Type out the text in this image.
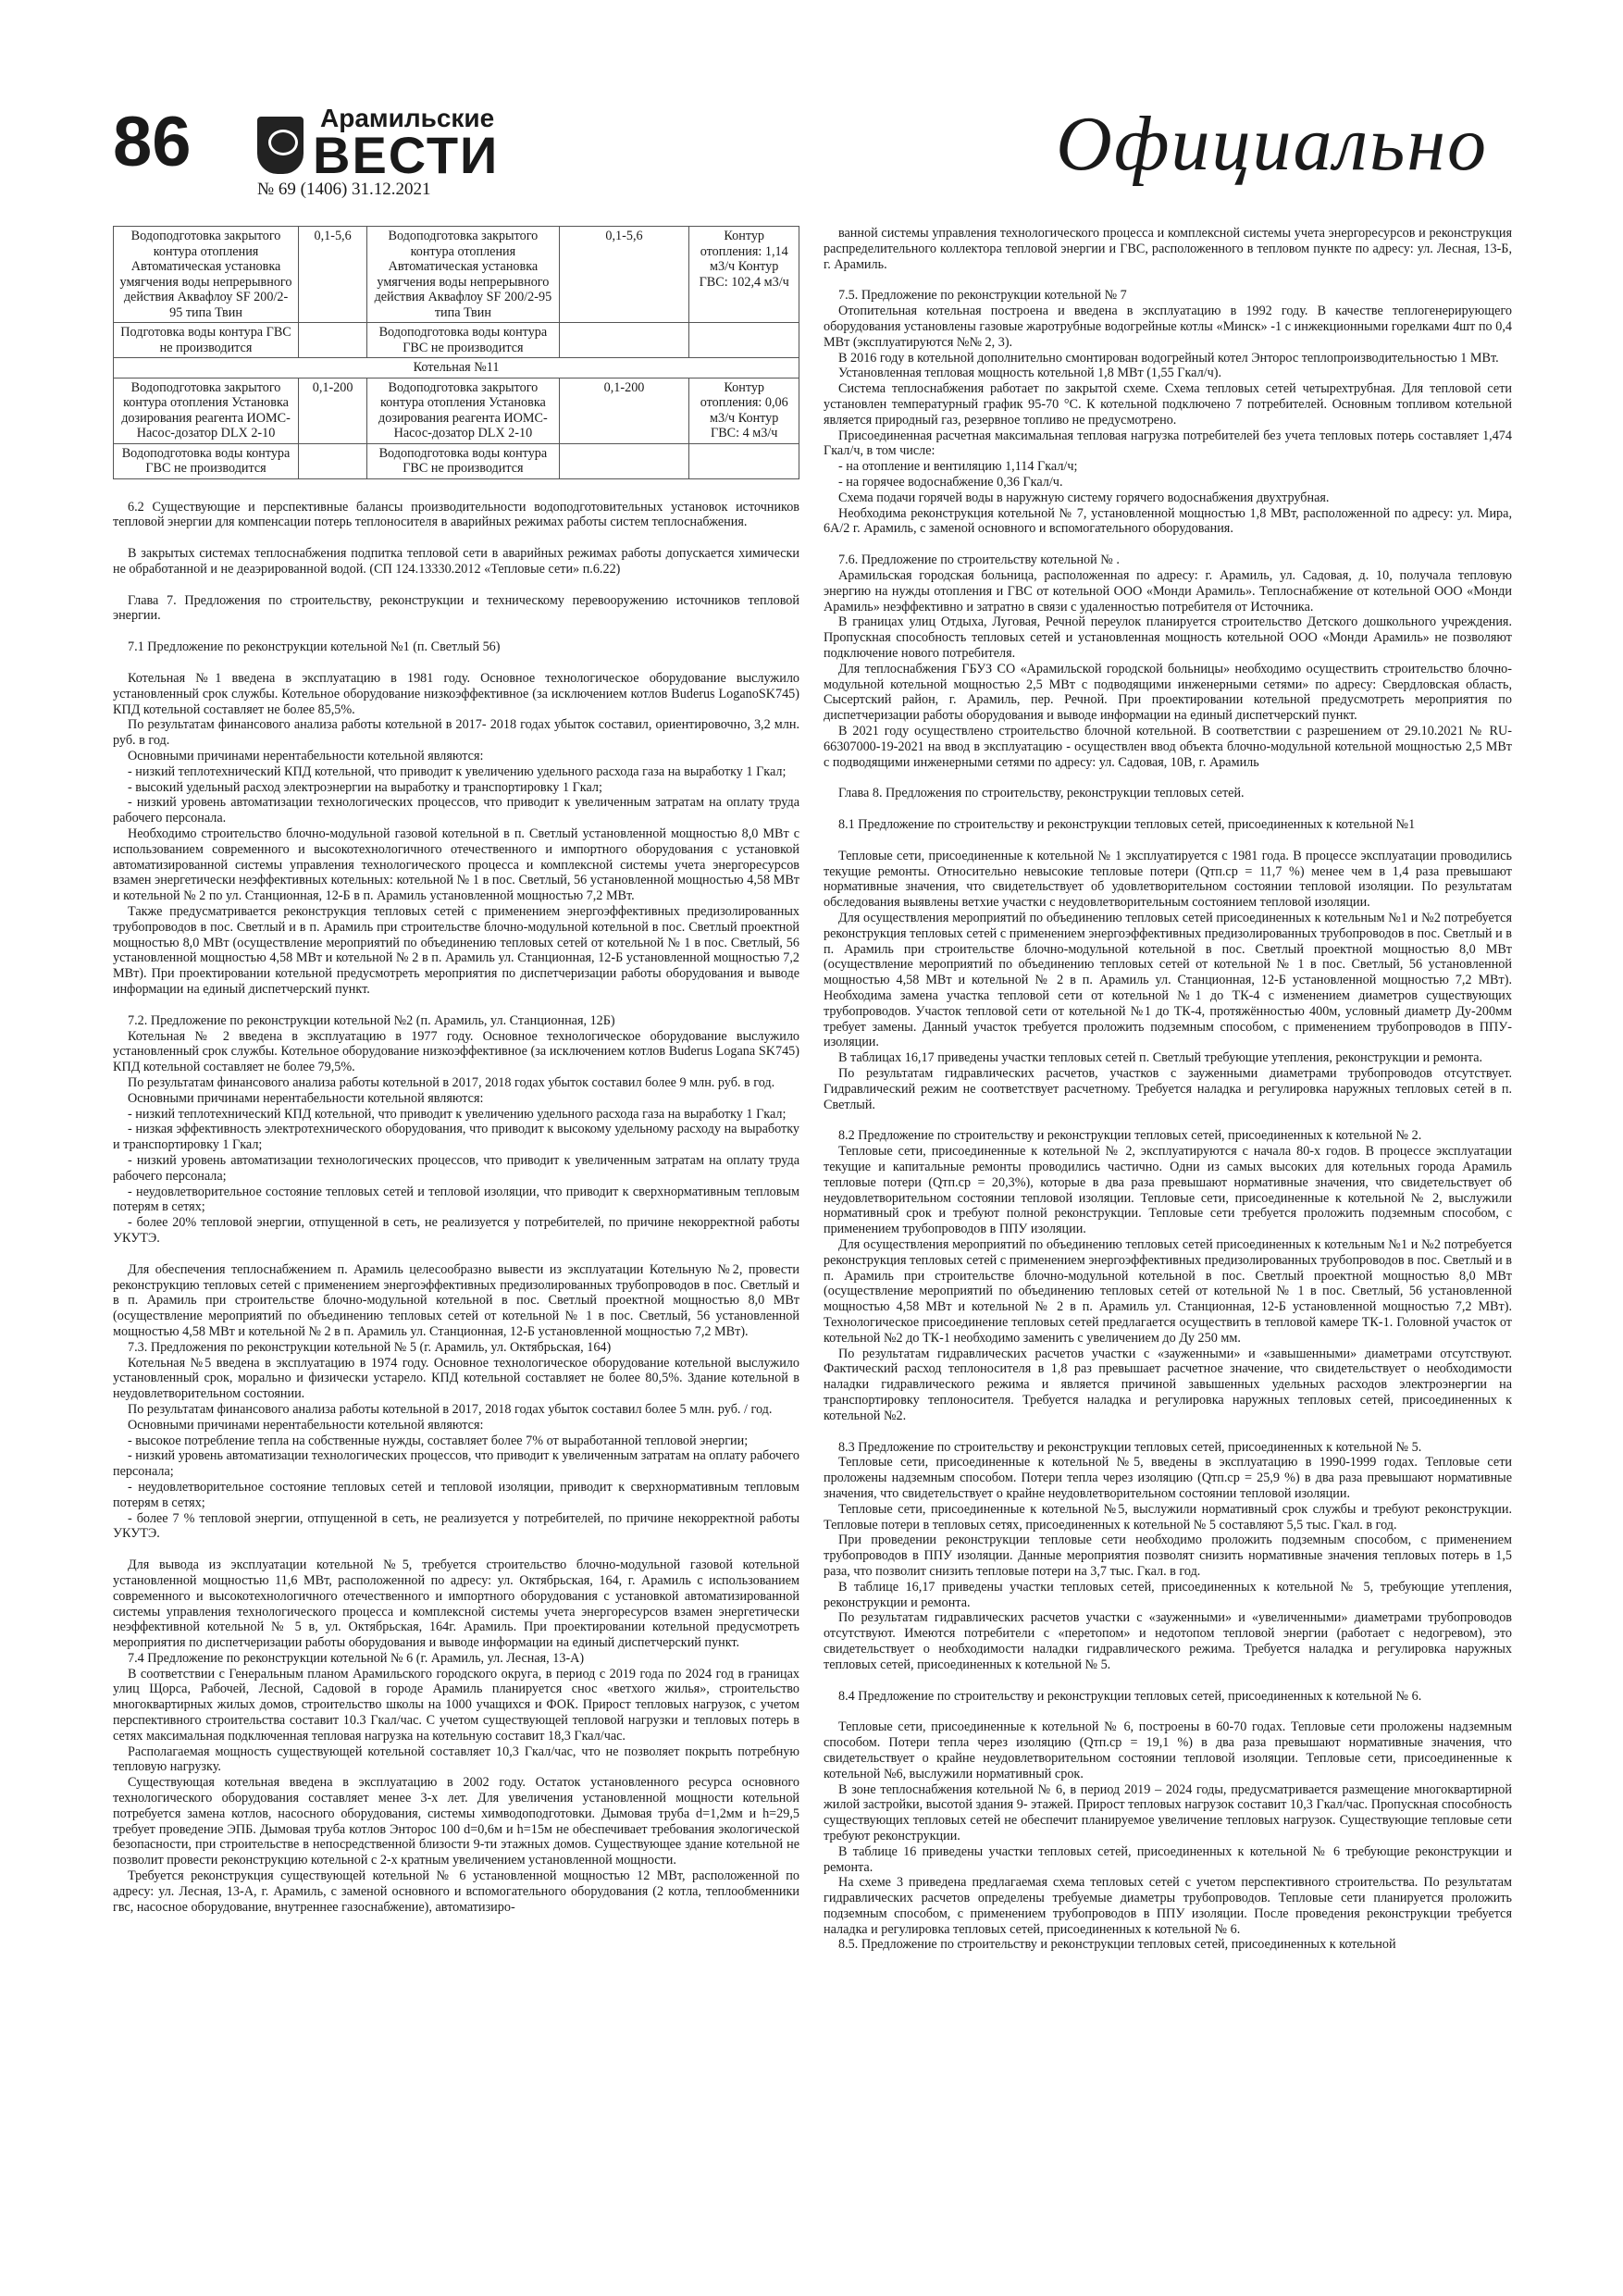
86	Арамильские
ВЕСТИ
№ 69 (1406) 31.12.2021
Официально
Водоподготовка закрытого контура отопления Автоматическая установка умягчения воды непрерывного действия Аквафлоу SF 200/2-95 типа Твин	0,1-5,6	Водоподготовка закрытого контура отопления Автоматическая установка умягчения воды непрерывного действия Аквафлоу SF 200/2-95 типа Твин	0,1-5,6	Контур отопления: 1,14 м3/ч Контур ГВС: 102,4 м3/ч
Подготовка воды контура ГВС не производится		Водоподготовка воды контура ГВС не производится		
Котельная №11				
Водоподготовка закрытого контура отопления Установка дозирования реагента ИОМС-Насос-дозатор DLX 2-10	0,1-200	Водоподготовка закрытого контура отопления Установка дозирования реагента ИОМС-Насос-дозатор DLX 2-10	0,1-200	Контур отопления: 0,06 м3/ч Контур ГВС: 4 м3/ч
Водоподготовка воды контура ГВС не производится		Водоподготовка воды контура ГВС не производится		

6.2 Существующие и перспективные балансы производительности водоподготовительных установок источников тепловой энергии для компенсации потерь теплоносителя в аварийных режимах работы систем теплоснабжения.

В закрытых системах теплоснабжения подпитка тепловой сети в аварийных режимах работы допускается химически не обработанной и не деаэрированной водой. (СП 124.13330.2012 «Тепловые сети» п.6.22)

Глава 7. Предложения по строительству, реконструкции и техническому перевооружению источников тепловой энергии.

7.1 Предложение по реконструкции котельной №1 (п. Светлый 56)

Котельная №1 введена в эксплуатацию в 1981 году. Основное технологическое оборудование выслужило установленный срок службы. Котельное оборудование низкоэффективное (за исключением котлов Buderus LoganoSK745) КПД котельной составляет не более 85,5%.

По результатам финансового анализа работы котельной в 2017- 2018 годах убыток составил, ориентировочно, 3,2 млн. руб. в год.

Основными причинами нерентабельности котельной являются:

- низкий теплотехнический КПД котельной, что приводит к увеличению удельного расхода газа на выработку 1 Гкал;

- высокий удельный расход электроэнергии на выработку и транспортировку 1 Гкал;

- низкий уровень автоматизации технологических процессов, что приводит к увеличенным затратам на оплату труда рабочего персонала.

Необходимо строительство блочно-модульной газовой котельной в п. Светлый установленной мощностью 8,0 МВт с использованием современного и высокотехнологичного отечественного и импортного оборудования с установкой автоматизированной системы управления технологического процесса и комплексной системы учета энергоресурсов взамен энергетически неэффективных котельных: котельной № 1 в пос. Светлый, 56 установленной мощностью 4,58 МВт и котельной № 2 по ул. Станционная, 12-Б в п. Арамиль установленной мощностью 7,2 МВт.

Также предусматривается реконструкция тепловых сетей с применением энергоэффективных предизолированных трубопроводов в пос. Светлый и в п. Арамиль при строительстве блочно-модульной котельной в пос. Светлый проектной мощностью 8,0 МВт (осуществление мероприятий по объединению тепловых сетей от котельной № 1 в пос. Светлый, 56 установленной мощностью 4,58 МВт и котельной № 2 в п. Арамиль ул. Станционная, 12-Б установленной мощностью 7,2 МВт). При проектировании котельной предусмотреть мероприятия по диспетчеризации работы оборудования и выводе информации на единый диспетчерский пункт.

7.2. Предложение по реконструкции котельной №2 (п. Арамиль, ул. Станционная, 12Б)

Котельная № 2 введена в эксплуатацию в 1977 году. Основное технологическое оборудование выслужило установленный срок службы. Котельное оборудование низкоэффективное (за исключением котлов Buderus Logana SK745) КПД котельной составляет не более 79,5%.

По результатам финансового анализа работы котельной в 2017, 2018 годах убыток составил более 9 млн. руб. в год.

Основными причинами нерентабельности котельной являются:

- низкий теплотехнический КПД котельной, что приводит к увеличению удельного расхода газа на выработку 1 Гкал;

- низкая эффективность электротехнического оборудования, что приводит к высокому удельному расходу на выработку и транспортировку 1 Гкал;

- низкий уровень автоматизации технологических процессов, что приводит к увеличенным затратам на оплату труда рабочего персонала;

- неудовлетворительное состояние тепловых сетей и тепловой изоляции, что приводит к сверхнормативным тепловым потерям в сетях;

- более 20% тепловой энергии, отпущенной в сеть, не реализуется у потребителей, по причине некорректной работы УКУТЭ.

Для обеспечения теплоснабжением п. Арамиль целесообразно вывести из эксплуатации Котельную №2, провести реконструкцию тепловых сетей с применением энергоэффективных предизолированных трубопроводов в пос. Светлый и в п. Арамиль при строительстве блочно-модульной котельной в пос. Светлый проектной мощностью 8,0 МВт (осуществление мероприятий по объединению тепловых сетей от котельной № 1 в пос. Светлый, 56 установленной мощностью 4,58 МВт и котельной № 2 в п. Арамиль ул. Станционная, 12-Б установленной мощностью 7,2 МВт).

7.3. Предложения по реконструкции котельной № 5 (г. Арамиль, ул. Октябрьская, 164)

Котельная №5 введена в эксплуатацию в 1974 году. Основное технологическое оборудование котельной выслужило установленный срок, морально и физически устарело. КПД котельной составляет не более 80,5%. Здание котельной в неудовлетворительном состоянии.

По результатам финансового анализа работы котельной в 2017, 2018 годах убыток составил более 5 млн. руб. / год.

Основными причинами нерентабельности котельной являются:

- высокое потребление тепла на собственные нужды, составляет более 7% от выработанной тепловой энергии;

- низкий уровень автоматизации технологических процессов, что приводит к увеличенным затратам на оплату рабочего персонала;

- неудовлетворительное состояние тепловых сетей и тепловой изоляции, приводит к сверхнормативным тепловым потерям в сетях;

- более 7 % тепловой энергии, отпущенной в сеть, не реализуется у потребителей, по причине некорректной работы УКУТЭ.

Для вывода из эксплуатации котельной №5, требуется строительство блочно-модульной газовой котельной установленной мощностью 11,6 МВт, расположенной по адресу: ул. Октябрьская, 164, г. Арамиль с использованием современного и высокотехнологичного отечественного и импортного оборудования с установкой автоматизированной системы управления технологического процесса и комплексной системы учета энергоресурсов взамен энергетически неэффективной котельной № 5 в, ул. Октябрьская, 164г. Арамиль. При проектировании котельной предусмотреть мероприятия по диспетчеризации работы оборудования и выводе информации на единый диспетчерский пункт.

7.4 Предложение по реконструкции котельной № 6 (г. Арамиль, ул. Лесная, 13-А)

В соответствии с Генеральным планом Арамильского городского округа, в период с 2019 года по 2024 год в границах улиц Щорса, Рабочей, Лесной, Садовой в городе Арамиль планируется снос «ветхого жилья», строительство многоквартирных жилых домов, строительство школы на 1000 учащихся и ФОК. Прирост тепловых нагрузок, с учетом перспективного строительства составит 10.3 Гкал/час. С учетом существующей тепловой нагрузки и тепловых потерь в сетях максимальная подключенная тепловая нагрузка на котельную составит 18,3 Гкал/час.

Располагаемая мощность существующей котельной составляет 10,3 Гкал/час, что не позволяет покрыть потребную тепловую нагрузку.

Существующая котельная введена в эксплуатацию в 2002 году. Остаток установленного ресурса основного технологического оборудования составляет менее 3-х лет. Для увеличения установленной мощности котельной потребуется замена котлов, насосного оборудования, системы химводоподготовки. Дымовая труба d=1,2мм и h=29,5 требует проведение ЭПБ. Дымовая труба котлов Энтороc 100 d=0,6м и h=15м не обеспечивает требования экологической безопасности, при строительстве в непосредственной близости 9-ти этажных домов. Существующее здание котельной не позволит провести реконструкцию котельной с 2-х кратным увеличением установленной мощности.

Требуется реконструкция существующей котельной № 6 установленной мощностью 12 МВт, расположенной по адресу: ул. Лесная, 13-А, г. Арамиль, с заменой основного и вспомогательного оборудования (2 котла, теплообменники гвс, насосное оборудование, внутреннее газоснабжение), автоматизиро-

ванной системы управления технологического процесса и комплексной системы учета энергоресурсов и реконструкция распределительного коллектора тепловой энергии и ГВС, расположенного в тепловом пункте по адресу: ул. Лесная, 13-Б, г. Арамиль.

7.5. Предложение по реконструкции котельной № 7

Отопительная котельная построена и введена в эксплуатацию в 1992 году. В качестве теплогенерирующего оборудования установлены газовые жаротрубные водогрейные котлы «Минск» -1 с инжекционными горелками 4шт по 0,4 МВт (эксплуатируются №№ 2, 3).

В 2016 году в котельной дополнительно смонтирован водогрейный котел Энторос теплопроизводительностью 1 МВт.

Установленная тепловая мощность котельной 1,8 МВт (1,55 Гкал/ч).

Система теплоснабжения работает по закрытой схеме. Схема тепловых сетей четырехтрубная. Для тепловой сети установлен температурный график 95-70 °С. К котельной подключено 7 потребителей. Основным топливом котельной является природный газ, резервное топливо не предусмотрено.

Присоединенная расчетная максимальная тепловая нагрузка потребителей без учета тепловых потерь составляет 1,474 Гкал/ч, в том числе:

- на отопление и вентиляцию 1,114 Гкал/ч;

- на горячее водоснабжение 0,36 Гкал/ч.

Схема подачи горячей воды в наружную систему горячего водоснабжения двухтрубная.

Необходима реконструкция котельной № 7, установленной мощностью 1,8 МВт, расположенной по адресу: ул. Мира, 6А/2 г. Арамиль, с заменой основного и вспомогательного оборудования.

7.6. Предложение по строительству котельной № .

Арамильская городская больница, расположенная по адресу: г. Арамиль, ул. Садовая, д. 10, получала тепловую энергию на нужды отопления и ГВС от котельной ООО «Монди Арамиль». Теплоснабжение от котельной ООО «Монди Арамиль» неэффективно и затратно в связи с удаленностью потребителя от Источника.

В границах улиц Отдыха, Луговая, Речной переулок планируется строительство Детского дошкольного учреждения. Пропускная способность тепловых сетей и установленная мощность котельной ООО «Монди Арамиль» не позволяют подключение нового потребителя.

Для теплоснабжения ГБУЗ СО «Арамильской городской больницы» необходимо осуществить строительство блочно-модульной котельной мощностью 2,5 МВт с подводящими инженерными сетями» по адресу: Свердловская область, Сысертский район, г. Арамиль, пер. Речной. При проектировании котельной предусмотреть мероприятия по диспетчеризации работы оборудования и выводе информации на единый диспетчерский пункт.

В 2021 году осуществлено строительство блочной котельной. В соответствии с разрешением от 29.10.2021 № RU-66307000-19-2021 на ввод в эксплуатацию - осуществлен ввод объекта блочно-модульной котельной мощностью 2,5 МВт с подводящими инженерными сетями по адресу: ул. Садовая, 10В, г. Арамиль

Глава 8. Предложения по строительству, реконструкции тепловых сетей.

8.1 Предложение по строительству и реконструкции тепловых сетей, присоединенных к котельной №1

Тепловые сети, присоединенные к котельной № 1 эксплуатируется с 1981 года. В процессе эксплуатации проводились текущие ремонты. Относительно невысокие тепловые потери (Qтп.ср = 11,7 %) менее чем в 1,4 раза превышают нормативные значения, что свидетельствует об удовлетворительном состоянии тепловой изоляции. По результатам обследования выявлены ветхие участки с неудовлетворительным состоянием тепловой изоляции.

Для осуществления мероприятий по объединению тепловых сетей присоединенных к котельным №1 и №2 потребуется реконструкция тепловых сетей с применением энергоэффективных предизолированных трубопроводов в пос. Светлый и в п. Арамиль при строительстве блочно-модульной котельной в пос. Светлый проектной мощностью 8,0 МВт (осуществление мероприятий по объединению тепловых сетей от котельной № 1 в пос. Светлый, 56 установленной мощностью 4,58 МВт и котельной № 2 в п. Арамиль ул. Станционная, 12-Б установленной мощностью 7,2 МВт). Необходима замена участка тепловой сети от котельной №1 до ТК-4 с изменением диаметров существующих трубопроводов. Участок тепловой сети от котельной №1 до ТК-4, протяжённостью 400м, условный диаметр Ду-200мм требует замены. Данный участок требуется проложить подземным способом, с применением трубопроводов в ППУ-изоляции.

В таблицах 16,17 приведены участки тепловых сетей п. Светлый требующие утепления, реконструкции и ремонта.

По результатам гидравлических расчетов, участков с зауженными диаметрами трубопроводов отсутствует. Гидравлический режим не соответствует расчетному. Требуется наладка и регулировка наружных тепловых сетей в п. Светлый.

8.2 Предложение по строительству и реконструкции тепловых сетей, присоединенных к котельной № 2.

Тепловые сети, присоединенные к котельной № 2, эксплуатируются с начала 80-х годов. В процессе эксплуатации текущие и капитальные ремонты проводились частично. Одни из самых высоких для котельных города Арамиль тепловые потери (Qтп.ср = 20,3%), которые в два раза превышают нормативные значения, что свидетельствует об неудовлетворительном состоянии тепловой изоляции. Тепловые сети, присоединенные к котельной № 2, выслужили нормативный срок и требуют полной реконструкции. Тепловые сети требуется проложить подземным способом, с применением трубопроводов в ППУ изоляции.

Для осуществления мероприятий по объединению тепловых сетей присоединенных к котельным №1 и №2 потребуется реконструкция тепловых сетей с применением энергоэффективных предизолированных трубопроводов в пос. Светлый и в п. Арамиль при строительстве блочно-модульной котельной в пос. Светлый проектной мощностью 8,0 МВт (осуществление мероприятий по объединению тепловых сетей от котельной № 1 в пос. Светлый, 56 установленной мощностью 4,58 МВт и котельной № 2 в п. Арамиль ул. Станционная, 12-Б установленной мощностью 7,2 МВт). Технологическое присоединение тепловых сетей предлагается осуществить в тепловой камере ТК-1. Головной участок от котельной №2 до ТК-1 необходимо заменить с увеличением до Ду 250 мм.

По результатам гидравлических расчетов участки с «зауженными» и «завышенными» диаметрами отсутствуют. Фактический расход теплоносителя в 1,8 раз превышает расчетное значение, что свидетельствует о необходимости наладки гидравлического режима и является причиной завышенных удельных расходов электроэнергии на транспортировку теплоносителя. Требуется наладка и регулировка наружных тепловых сетей, присоединенных к котельной №2.

8.3 Предложение по строительству и реконструкции тепловых сетей, присоединенных к котельной № 5.

Тепловые сети, присоединенные к котельной №5, введены в эксплуатацию в 1990-1999 годах. Тепловые сети проложены надземным способом. Потери тепла через изоляцию (Qтп.ср = 25,9 %) в два раза превышают нормативные значения, что свидетельствует о крайне неудовлетворительном состоянии тепловой изоляции.

Тепловые сети, присоединенные к котельной №5, выслужили нормативный срок службы и требуют реконструкции. Тепловые потери в тепловых сетях, присоединенных к котельной № 5 составляют 5,5 тыс. Гкал. в год.

При проведении реконструкции тепловые сети необходимо проложить подземным способом, с применением трубопроводов в ППУ изоляции. Данные мероприятия позволят снизить нормативные значения тепловых потерь в 1,5 раза, что позволит снизить тепловые потери на 3,7 тыс. Гкал. в год.

В таблице 16,17 приведены участки тепловых сетей, присоединенных к котельной № 5, требующие утепления, реконструкции и ремонта.

По результатам гидравлических расчетов участки с «зауженными» и «увеличенными» диаметрами трубопроводов отсутствуют. Имеются потребители с «перетопом» и недотопом тепловой энергии (работает с недогревом), это свидетельствует о необходимости наладки гидравлического режима. Требуется наладка и регулировка наружных тепловых сетей, присоединенных к котельной № 5.

8.4 Предложение по строительству и реконструкции тепловых сетей, присоединенных к котельной № 6.

Тепловые сети, присоединенные к котельной № 6, построены в 60-70 годах. Тепловые сети проложены надземным способом. Потери тепла через изоляцию (Qтп.ср = 19,1 %) в два раза превышают нормативные значения, что свидетельствует о крайне неудовлетворительном состоянии тепловой изоляции. Тепловые сети, присоединенные к котельной №6, выслужили нормативный срок.

В зоне теплоснабжения котельной № 6, в период 2019 – 2024 годы, предусматривается размещение многоквартирной жилой застройки, высотой здания 9- этажей. Прирост тепловых нагрузок составит 10,3 Гкал/час. Пропускная способность существующих тепловых сетей не обеспечит планируемое увеличение тепловых нагрузок. Существующие тепловые сети требуют реконструкции.

В таблице 16 приведены участки тепловых сетей, присоединенных к котельной № 6 требующие реконструкции и ремонта.

На схеме 3 приведена предлагаемая схема тепловых сетей с учетом перспективного строительства. По результатам гидравлических расчетов определены требуемые диаметры трубопроводов. Тепловые сети планируется проложить подземным способом, с применением трубопроводов в ППУ изоляции. После проведения реконструкции требуется наладка и регулировка тепловых сетей, присоединенных к котельной № 6.

8.5. Предложение по строительству и реконструкции тепловых сетей, присоединенных к котельной
